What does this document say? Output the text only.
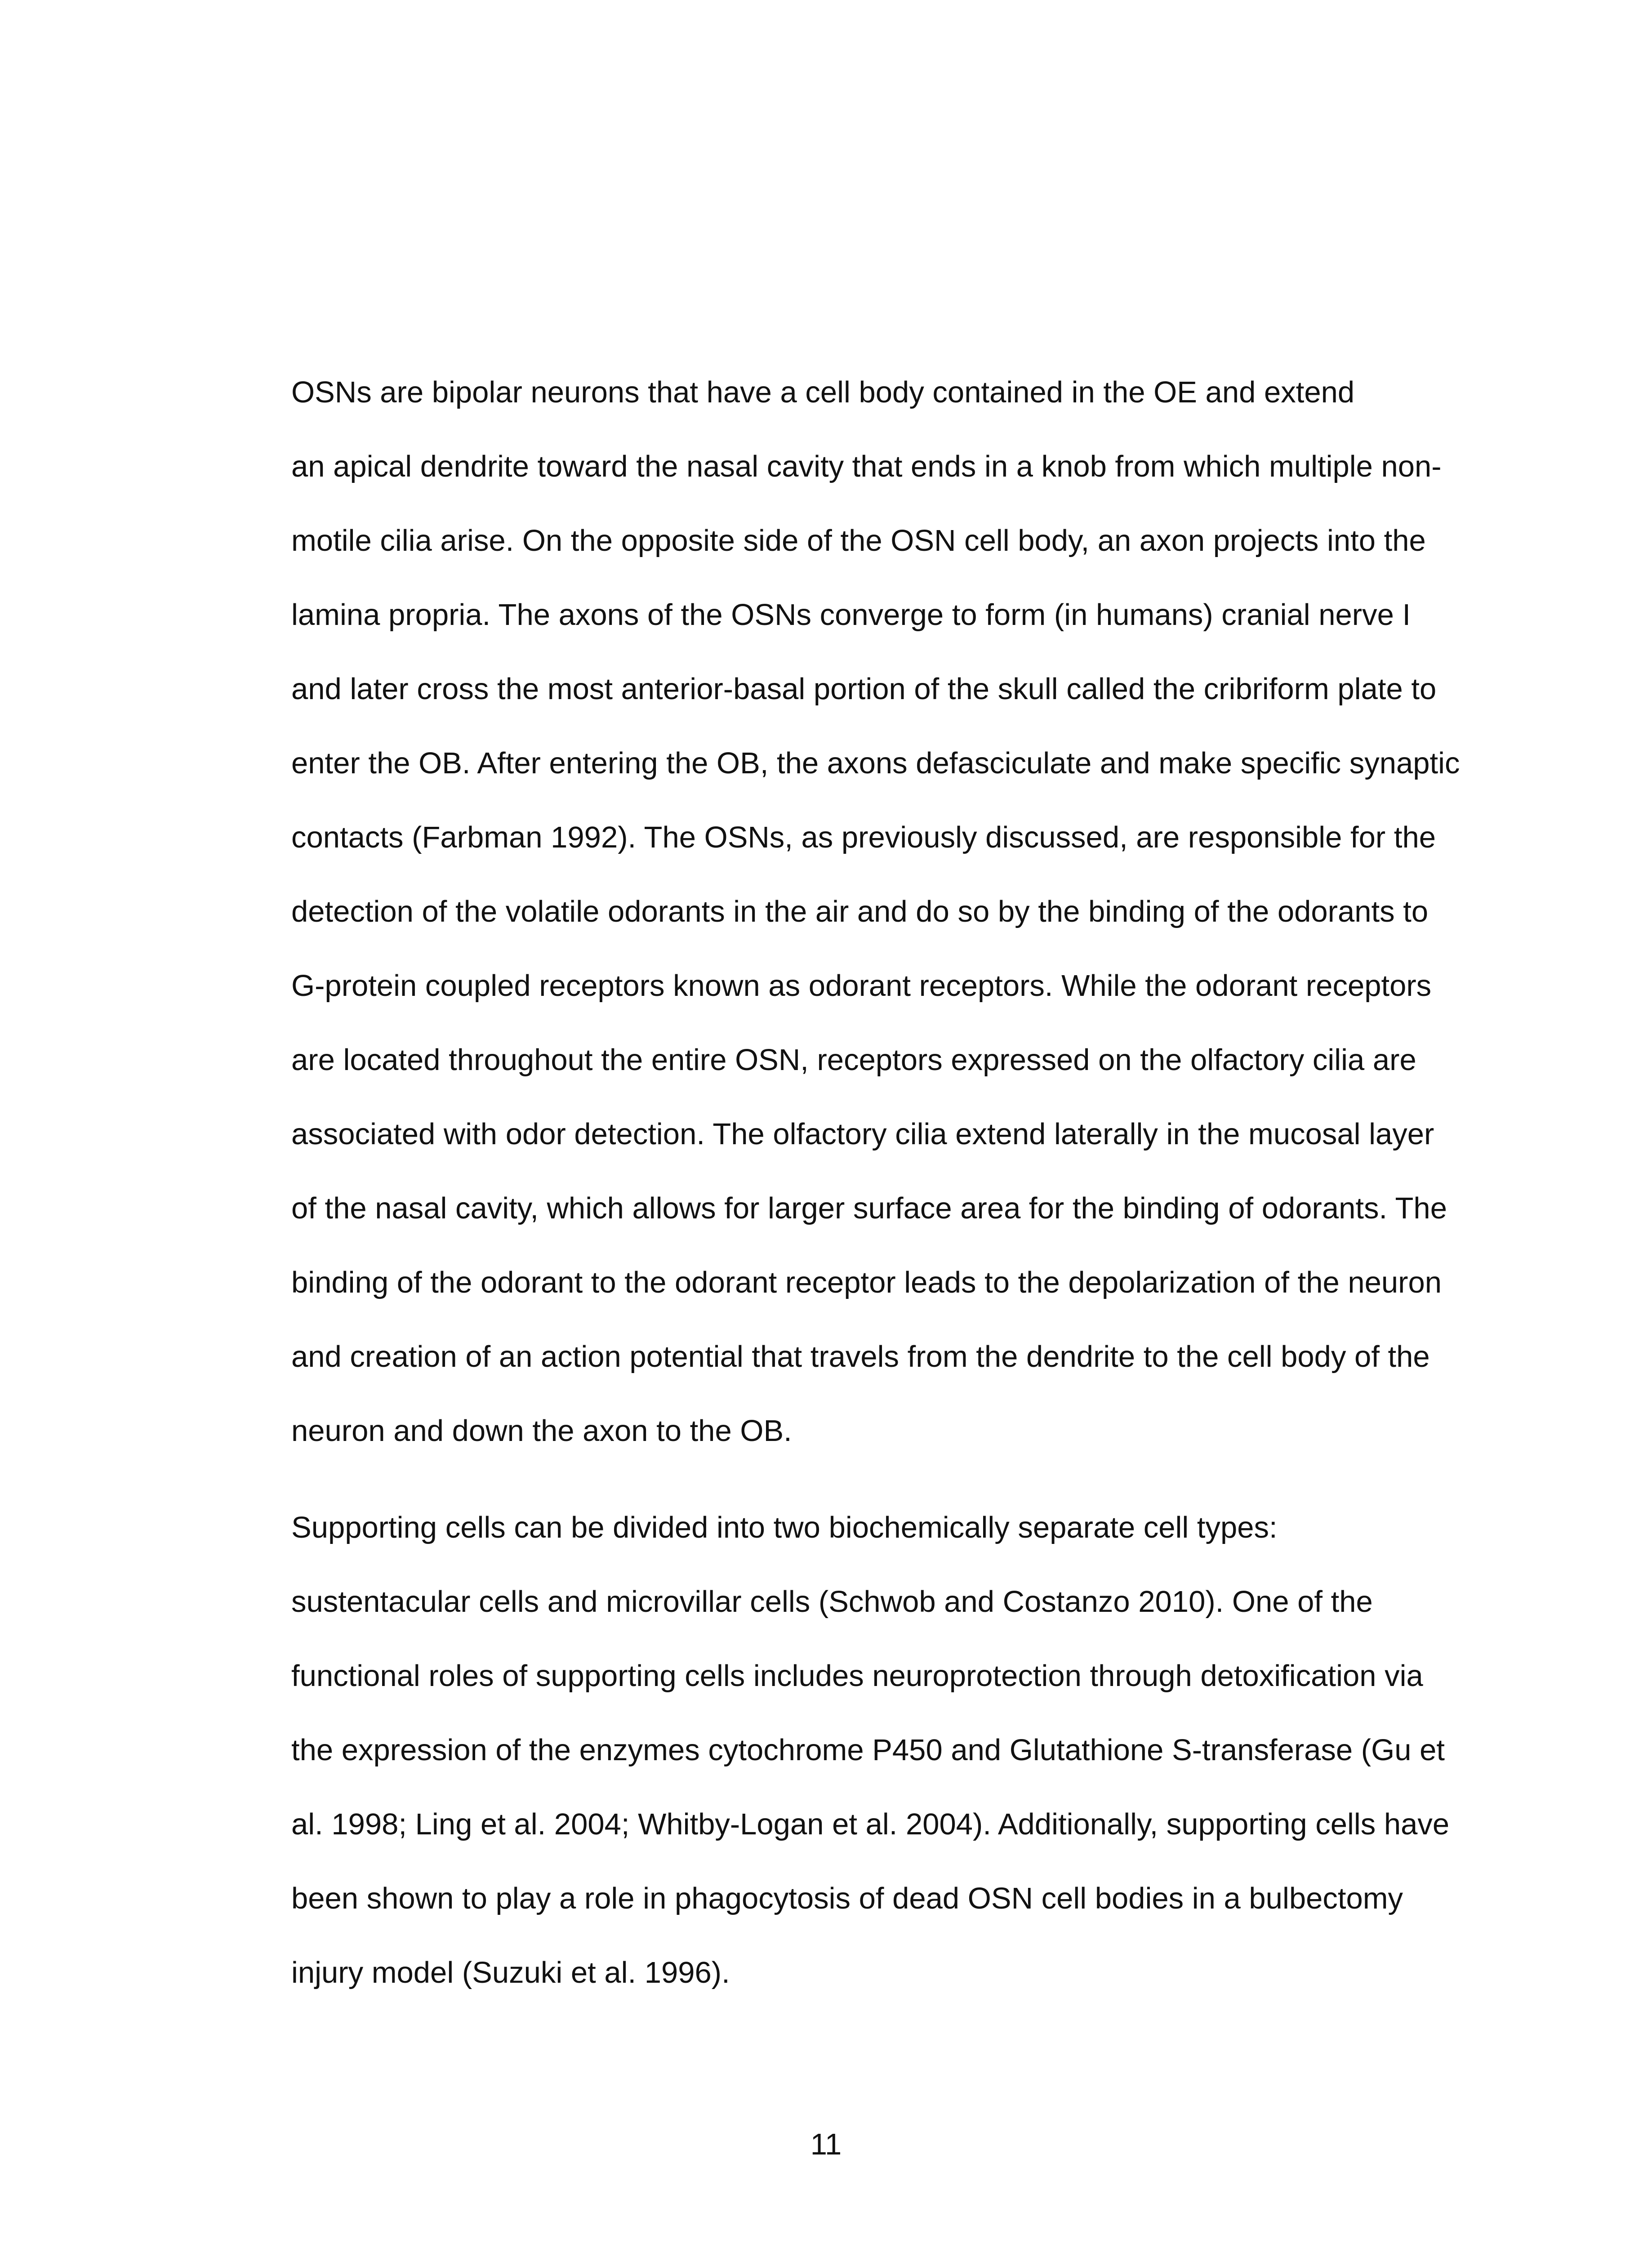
OSNs are bipolar neurons that have a cell body contained in the OE and extend
an apical dendrite toward the nasal cavity that ends in a knob from which multiple non-
motile cilia arise. On the opposite side of the OSN cell body, an axon projects into the
lamina propria. The axons of the OSNs converge to form (in humans) cranial nerve I
and later cross the most anterior-basal portion of the skull called the cribriform plate to
enter the OB. After entering the OB, the axons defasciculate and make specific synaptic
contacts (Farbman 1992). The OSNs, as previously discussed, are responsible for the
detection of the volatile odorants in the air and do so by the binding of the odorants to
G-protein coupled receptors known as odorant receptors. While the odorant receptors
are located throughout the entire OSN, receptors expressed on the olfactory cilia are
associated with odor detection. The olfactory cilia extend laterally in the mucosal layer
of the nasal cavity, which allows for larger surface area for the binding of odorants. The
binding of the odorant to the odorant receptor leads to the depolarization of the neuron
and creation of an action potential that travels from the dendrite to the cell body of the
neuron and down the axon to the OB.

Supporting cells can be divided into two biochemically separate cell types:
sustentacular cells and microvillar cells (Schwob and Costanzo 2010). One of the
functional roles of supporting cells includes neuroprotection through detoxification via
the expression of the enzymes cytochrome P450 and Glutathione S-transferase (Gu et
al. 1998; Ling et al. 2004; Whitby-Logan et al. 2004). Additionally, supporting cells have
been shown to play a role in phagocytosis of dead OSN cell bodies in a bulbectomy
injury model (Suzuki et al. 1996).

11
